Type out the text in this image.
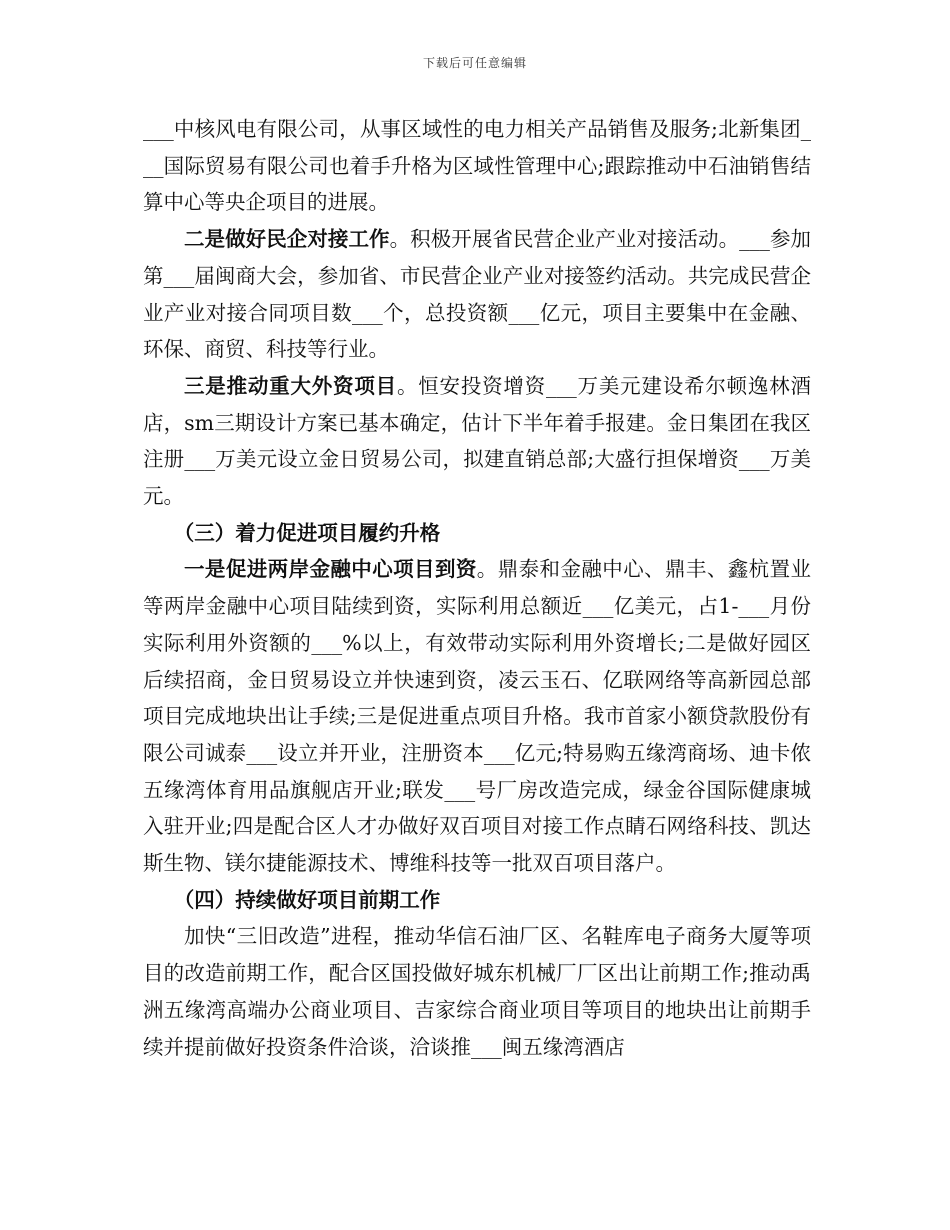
下载后可任意编辑

___中核风电有限公司，从事区域性的电力相关产品销售及服务;北新集团___国际贸易有限公司也着手升格为区域性管理中心;跟踪推动中石油销售结算中心等央企项目的进展。

二是做好民企对接工作。积极开展省民营企业产业对接活动。___参加第___届闽商大会，参加省、市民营企业产业对接签约活动。共完成民营企业产业对接合同项目数___个，总投资额___亿元，项目主要集中在金融、环保、商贸、科技等行业。

三是推动重大外资项目。恒安投资增资___万美元建设希尔顿逸林酒店，sm三期设计方案已基本确定，估计下半年着手报建。金日集团在我区注册___万美元设立金日贸易公司，拟建直销总部;大盛行担保增资___万美元。

（三）着力促进项目履约升格

一是促进两岸金融中心项目到资。鼎泰和金融中心、鼎丰、鑫杭置业等两岸金融中心项目陆续到资，实际利用总额近___亿美元，占1-___月份实际利用外资额的___%以上，有效带动实际利用外资增长;二是做好园区后续招商，金日贸易设立并快速到资，凌云玉石、亿联网络等高新园总部项目完成地块出让手续;三是促进重点项目升格。我市首家小额贷款股份有限公司诚泰___设立并开业，注册资本___亿元;特易购五缘湾商场、迪卡侬五缘湾体育用品旗舰店开业;联发___号厂房改造完成，绿金谷国际健康城入驻开业;四是配合区人才办做好双百项目对接工作点睛石网络科技、凯达斯生物、镁尔捷能源技术、博维科技等一批双百项目落户。

（四）持续做好项目前期工作

加快“三旧改造”进程，推动华信石油厂区、名鞋库电子商务大厦等项目的改造前期工作，配合区国投做好城东机械厂厂区出让前期工作;推动禹洲五缘湾高端办公商业项目、吉家综合商业项目等项目的地块出让前期手续并提前做好投资条件洽谈，洽谈推___闽五缘湾酒店
